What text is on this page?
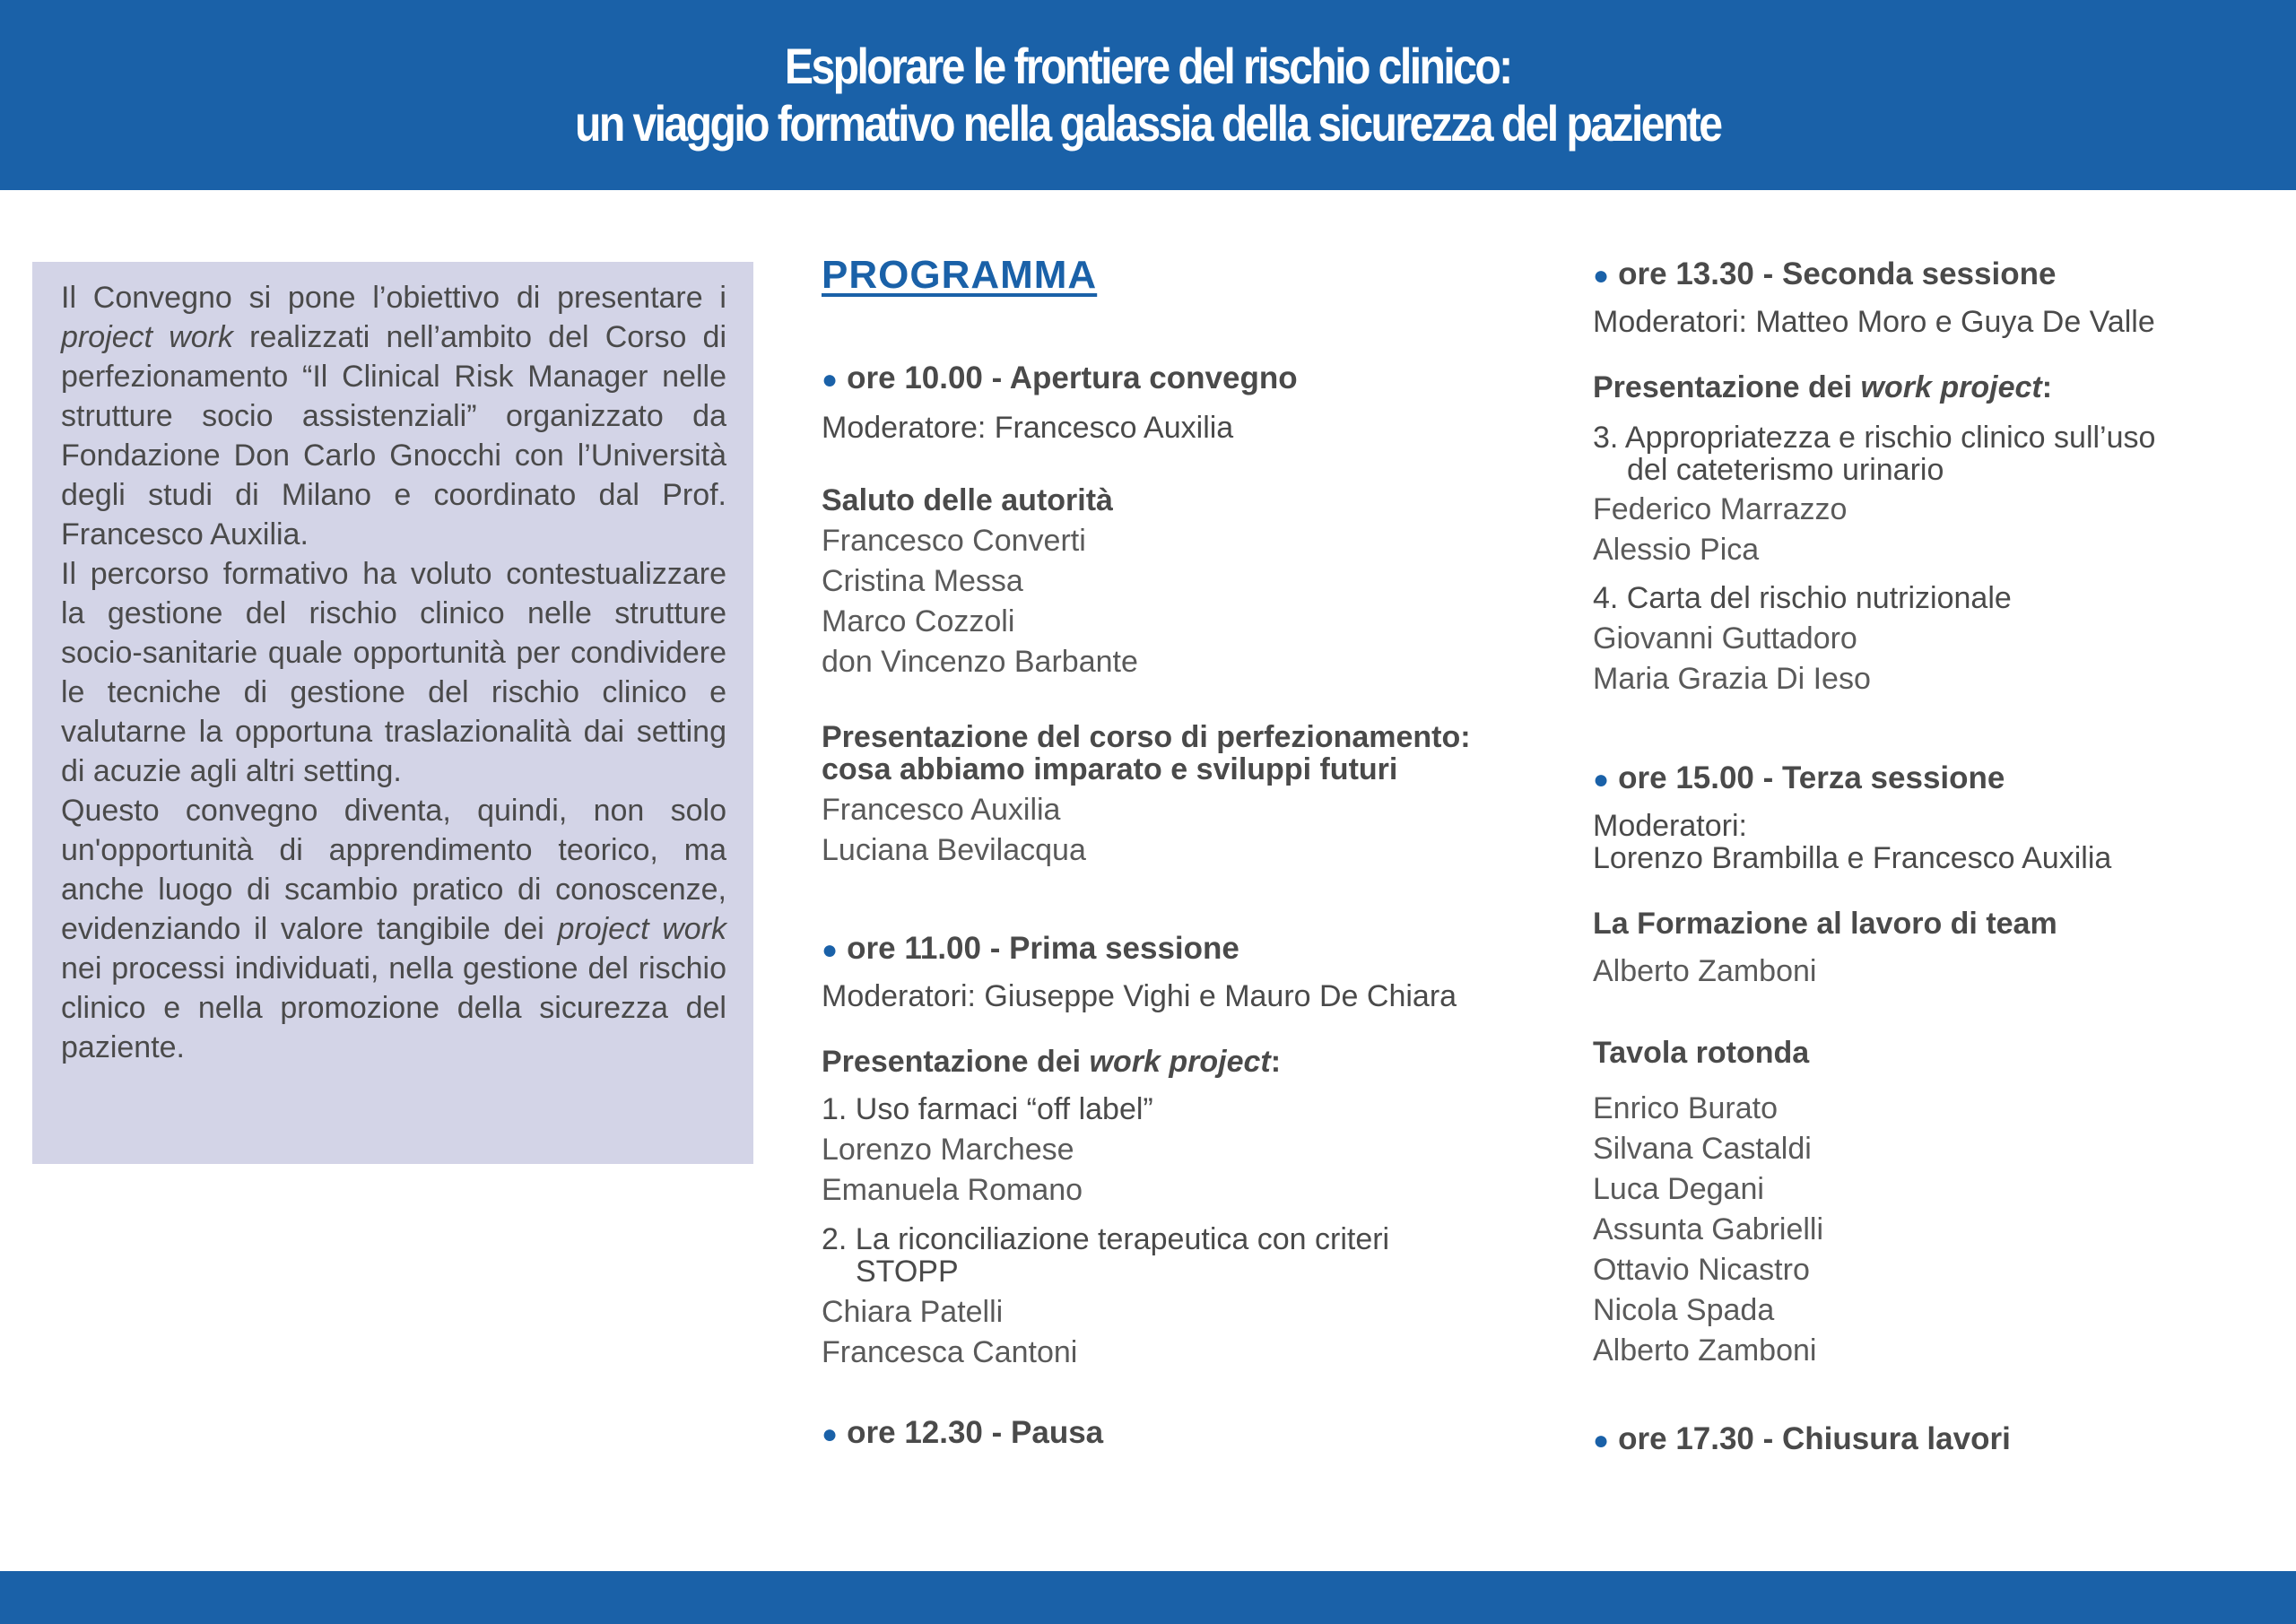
Esplorare le frontiere del rischio clinico:
un viaggio formativo nella galassia della sicurezza del paziente

Il Convegno si pone l’obiettivo di presentare i project work realizzati nell’ambito del Corso di perfezionamento “Il Clinical Risk Manager nelle strutture socio assistenziali” organizzato da Fondazione Don Carlo Gnocchi con l’Università degli studi di Milano e coordinato dal Prof. Francesco Auxilia.

Il percorso formativo ha voluto contestualizzare la gestione del rischio clinico nelle strutture socio-sanitarie quale opportunità per condividere le tecniche di gestione del rischio clinico e valutarne la opportuna traslazionalità dai setting di acuzie agli altri setting.

Questo convegno diventa, quindi, non solo un'opportunità di apprendimento teorico, ma anche luogo di scambio pratico di conoscenze, evidenziando il valore tangibile dei project work nei processi individuati, nella gestione del rischio clinico e nella promozione della sicurezza del paziente.

PROGRAMMA
● ore 10.00 - Apertura convegno
Moderatore: Francesco Auxilia
Saluto delle autorità
Francesco Converti
Cristina Messa
Marco Cozzoli
don Vincenzo Barbante
Presentazione del corso di perfezionamento:
cosa abbiamo imparato e sviluppi futuri
Francesco Auxilia
Luciana Bevilacqua
● ore 11.00 - Prima sessione
Moderatori: Giuseppe Vighi e Mauro De Chiara
Presentazione dei work project:
1. Uso farmaci “off label”
Lorenzo Marchese
Emanuela Romano
2. La riconciliazione terapeutica con criteri
STOPP
Chiara Patelli
Francesca Cantoni
● ore 12.30 - Pausa
● ore 13.30 - Seconda sessione
Moderatori: Matteo Moro e Guya De Valle
Presentazione dei work project:
3. Appropriatezza e rischio clinico sull’uso
del cateterismo urinario
Federico Marrazzo
Alessio Pica
4. Carta del rischio nutrizionale
Giovanni Guttadoro
Maria Grazia Di Ieso
● ore 15.00 - Terza sessione
Moderatori:
Lorenzo Brambilla e Francesco Auxilia
La Formazione al lavoro di team
Alberto Zamboni
Tavola rotonda
Enrico Burato
Silvana Castaldi
Luca Degani
Assunta Gabrielli
Ottavio Nicastro
Nicola Spada
Alberto Zamboni
● ore 17.30 - Chiusura lavori
